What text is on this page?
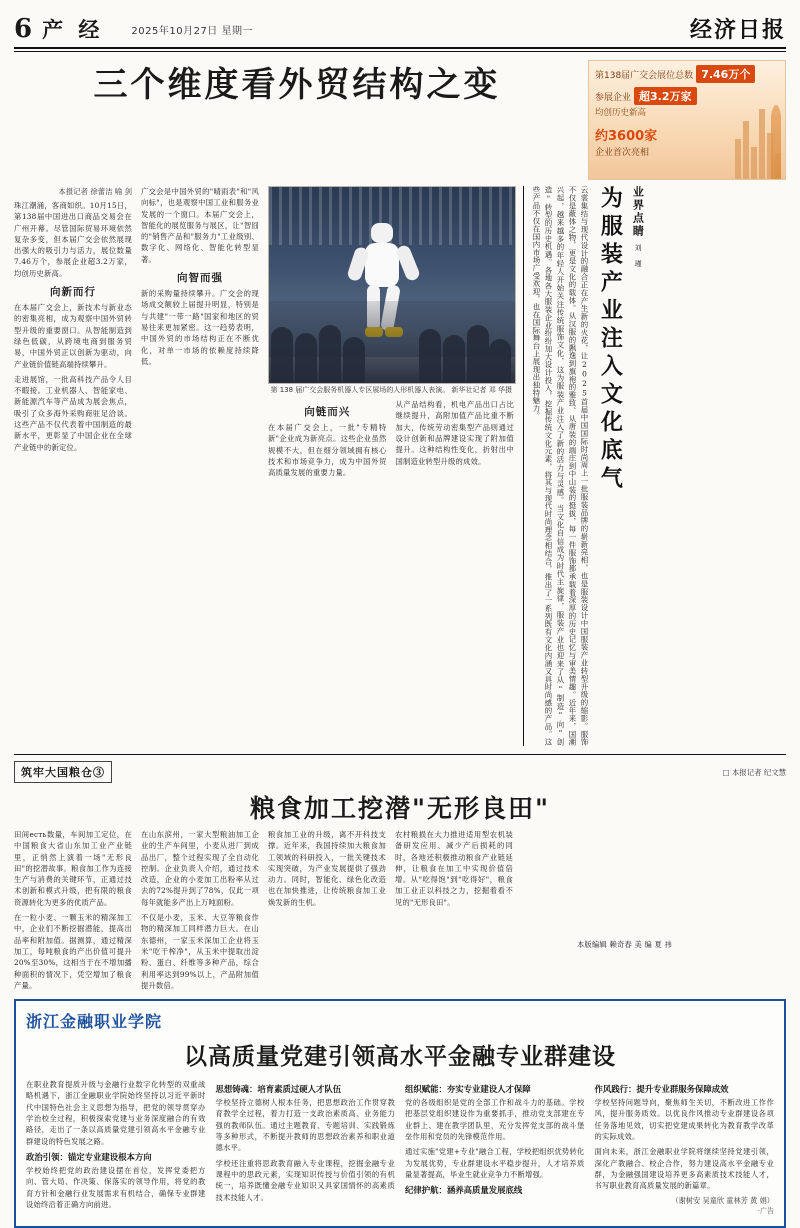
6 产 经	2025年10月27日 星期一	经济日报
三个维度看外贸结构之变	第138届广交会展位总数 7.46万个
参展企业 超3.2万家
均创历史新高
约3600家
企业首次亮相
本报记者 徐蕾洁 喻 剑
珠江潮涌，客商如织。10月15日，第138届中国进出口商品交易会在广州开幕。尽管国际贸易环境依然复杂多变，但本届广交会依然展现出强大的吸引力与活力，展位数量7.46万个，参展企业超3.2万家，均创历史新高。
向新而行
在本届广交会上，新技术与新业态的密集亮相，成为观察中国外贸转型升级的重要窗口。从智能制造到绿色低碳，从跨境电商到服务贸易，中国外贸正以创新为驱动，向产业链价值链高端持续攀升。
走进展馆，一批高科技产品令人目不暇接。工业机器人、智能家电、新能源汽车等产品成为展会焦点，吸引了众多海外采购商驻足洽谈。这些产品不仅代表着中国制造的最新水平，更彰显了中国企业在全球产业链中的新定位。
广交会是中国外贸的"晴雨表"和"风向标"，也是观察中国工业和服务业发展的一个窗口。本届广交会上，智能化的展览服务与展区，让"智囧的"销售产品和"服务力"工业级别、数字化、网络化、智能化转型显著。
向智而强
新的采购量持续攀升。广交会的现场成交额较上届提升明显，特别是与共建"一带一路"国家和地区的贸易往来更加紧密。这一趋势表明，中国外贸的市场结构正在不断优化，对单一市场的依赖度持续降低。
第 138 届广交会服务机器人专区展场的人形机器人表演。 新华社记者 邓 华摄
向链而兴
在本届广交会上，一批"专精特新"企业成为新亮点。这些企业虽然规模不大，但在细分领域拥有核心技术和市场竞争力，成为中国外贸高质量发展的重要力量。
从产品结构看，机电产品出口占比继续提升，高附加值产品比重不断加大，传统劳动密集型产品则通过设计创新和品牌建设实现了附加值提升。这种结构性变化，折射出中国制造业转型升级的成效。	云裳集结与现代设计的融合正在产生新的火花，让2025首届中国国际时尚周上一批服装品牌的崭新亮相，也是服装设计中国服装产业转型升级的缩影。服饰不仅是蔽体之物，更是文化的载体。从汉服的飘逸到旗袍的雅致、从唐装的端庄到中山装的挺拔，每一件服饰都承载着深厚的历史记忆与审美情趣。近年来，国潮兴起，越来越多的年轻人开始关注传统服饰文化，这为服装产业注入了新的活力与灵感。当文化自信成为时代主旋律，服装产业也迎来了从"制造"向"创造"转型的历史机遇。各地各大服装企业纷纷加大设计投入，挖掘传统文化元素，将其与现代时尚理念相结合，推出了一系列既有文化内涵又具时尚感的产品。这些产品不仅在国内市场广受欢迎，也在国际舞台上展现出独特魅力。	为服装产业注入文化底气 业界点睛
刘 瑾
筑牢大国粮仓③	□ 本报记者 纪文慧
粮食加工挖潜"无形良田"
田间есть数量，车间加工定位，在中国粮食大省山东加工业产业链里，正悄然上演着一场"无形良田"的挖潜故事。粮食加工作为连接生产与消费的关键环节，正通过技术创新和模式升级，把有限的粮食资源转化为更多的优质产品。
在一粒小麦、一颗玉米的精深加工中，企业们不断挖掘潜能，提高出品率和附加值。据测算，通过精深加工，每吨粮食的产出价值可提升20%至30%，这相当于在不增加播种面积的情况下，凭空增加了粮食产量。
在山东滨州，一家大型粮油加工企业的生产车间里，小麦从进厂到成品出厂，整个过程实现了全自动化控制。企业负责人介绍，通过技术改造，企业的小麦加工出粉率从过去的72%提升到了78%，仅此一项每年就能多产出上万吨面粉。
不仅是小麦，玉米、大豆等粮食作物的精深加工同样潜力巨大。在山东德州，一家玉米深加工企业将玉米"吃干榨净"，从玉米中提取出淀粉、蛋白、纤维等多种产品，综合利用率达到99%以上，产品附加值提升数倍。
粮食加工业的升级，离不开科技支撑。近年来，我国持续加大粮食加工领域的科研投入，一批关键技术实现突破，为产业发展提供了强劲动力。同时，智能化、绿色化改造也在加快推进，让传统粮食加工业焕发新的生机。
农村粮损在大力推进适用型农机装备研发应用、减少产后损耗的同时，各地还积极推动粮食产业链延伸，让粮食在加工中实现价值倍增。从"吃得饱"到"吃得好"，粮食加工业正以科技之力，挖掘着看不见的"无形良田"。
本版编辑 赖奇春 美 编 夏 祎
浙江金融职业学院
以高质量党建引领高水平金融专业群建设
在职业教育提质升级与金融行业数字化转型的双重战略机遇下，浙江金融职业学院始终坚持以习近平新时代中国特色社会主义思想为指导，把党的领导贯穿办学治校全过程，积极探索党建与业务深度融合的有效路径，走出了一条以高质量党建引领高水平金融专业群建设的特色发展之路。
政治引领：锚定专业建设根本方向
学校始终把党的政治建设摆在首位，发挥党委把方向、管大局、作决策、保落实的领导作用，将党的教育方针和金融行业发展需求有机结合，确保专业群建设始终沿着正确方向前进。
思想铸魂：培育素质过硬人才队伍
学校坚持立德树人根本任务，把思想政治工作贯穿教育教学全过程，着力打造一支政治素质高、业务能力强的教师队伍。通过主题教育、专题培训、实践锻炼等多种形式，不断提升教师的思想政治素养和职业道德水平。
学校还注重将思政教育融入专业课程，挖掘金融专业课程中的思政元素，实现知识传授与价值引领的有机统一，培养既懂金融专业知识又具家国情怀的高素质技术技能人才。
组织赋能：夯实专业建设人才保障
党的各级组织是党的全部工作和战斗力的基础。学校把基层党组织建设作为重要抓手，推动党支部建在专业群上、建在教学团队里，充分发挥党支部的战斗堡垒作用和党员的先锋模范作用。
通过实施"党建+专业"融合工程，学校把组织优势转化为发展优势，专业群建设水平稳步提升，人才培养质量显著提高，毕业生就业竞争力不断增强。
纪律护航：涵养高质量发展底线
作风践行：提升专业群服务保障成效
学校坚持问题导向，聚焦师生关切，不断改进工作作风，提升服务质效。以优良作风推动专业群建设各项任务落地见效，切实把党建成果转化为教育教学改革的实际成效。
面向未来，浙江金融职业学院将继续坚持党建引领，深化产教融合、校企合作，努力建设高水平金融专业群，为金融强国建设培养更多高素质技术技能人才，书写职业教育高质量发展的新篇章。
（谢树安 吴童欣 童林芳 黄 娟）
·广告
